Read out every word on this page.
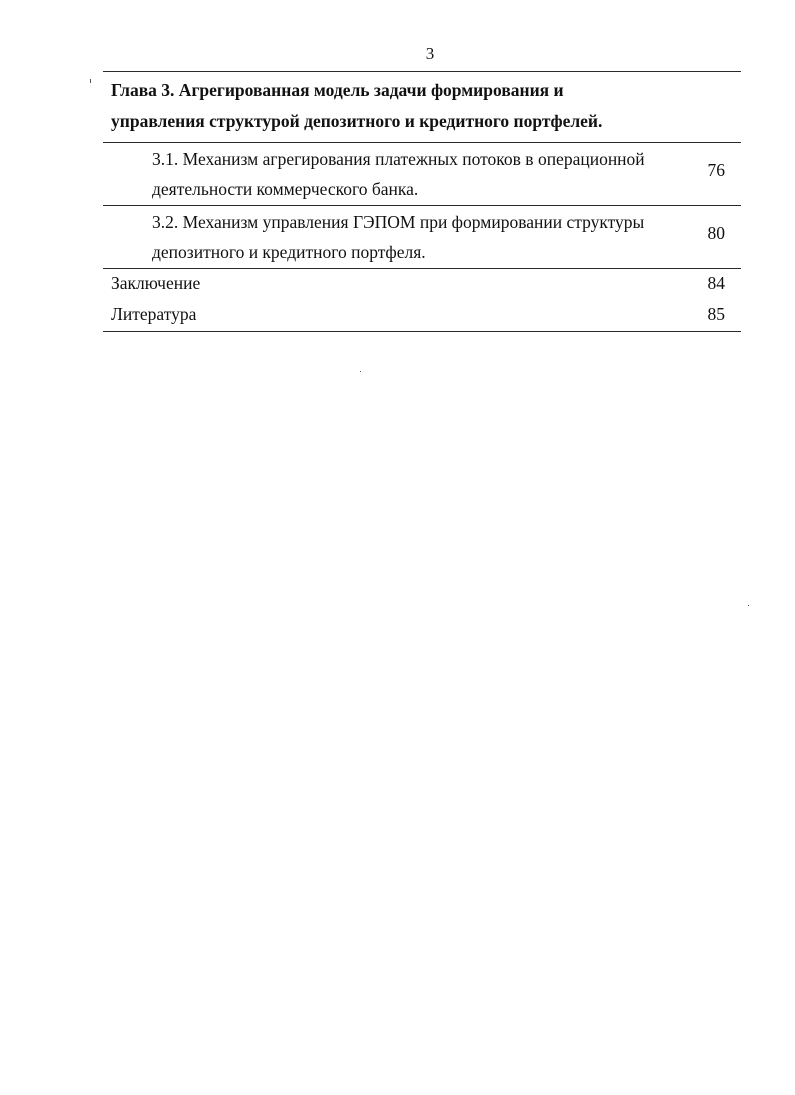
3
Глава 3. Агрегированная модель задачи формирования и
управления структурой депозитного и кредитного портфелей.
3.1. Механизм агрегирования платежных потоков в операционной
деятельности коммерческого банка.
76
3.2. Механизм управления ГЭПОМ при формировании структуры
депозитного и кредитного портфеля.
80
Заключение	84
Литература	85
